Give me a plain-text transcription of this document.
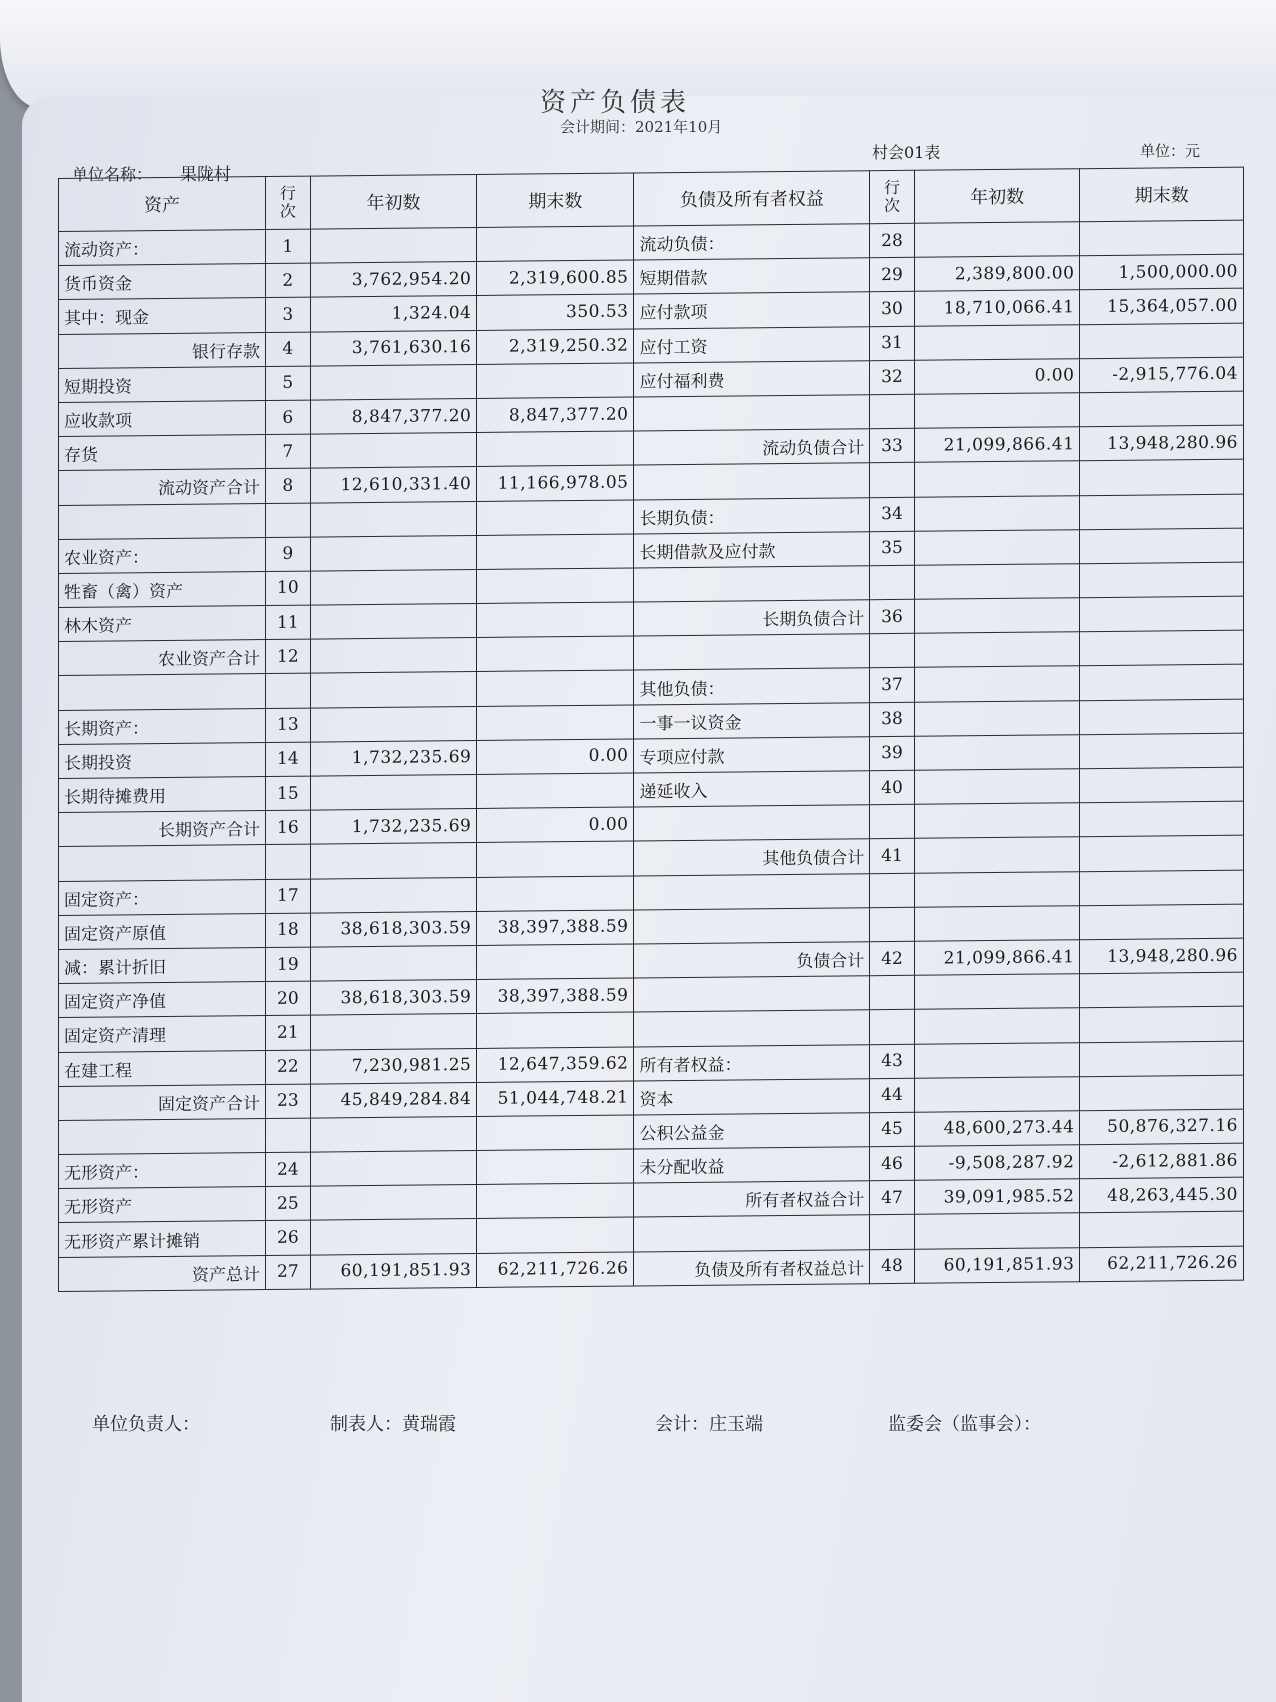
资产负债表
会计期间：2021年10月
村会01表	单位：元
单位名称： 果陇村
资产	行次	年初数	期末数	负债及所有者权益	行次	年初数	期末数
流动资产：	1			流动负债：	28		
货币资金	2	3,762,954.20	2,319,600.85	短期借款	29	2,389,800.00	1,500,000.00
其中：现金	3	1,324.04	350.53	应付款项	30	18,710,066.41	15,364,057.00
银行存款	4	3,761,630.16	2,319,250.32	应付工资	31		
短期投资	5			应付福利费	32	0.00	-2,915,776.04
应收款项	6	8,847,377.20	8,847,377.20				
存货	7			流动负债合计	33	21,099,866.41	13,948,280.96
流动资产合计	8	12,610,331.40	11,166,978.05				
				长期负债：	34		
农业资产：	9			长期借款及应付款	35		
牲畜（禽）资产	10						
林木资产	11			长期负债合计	36		
农业资产合计	12						
				其他负债：	37		
长期资产：	13			一事一议资金	38		
长期投资	14	1,732,235.69	0.00	专项应付款	39		
长期待摊费用	15			递延收入	40		
长期资产合计	16	1,732,235.69	0.00				
				其他负债合计	41		
固定资产：	17						
固定资产原值	18	38,618,303.59	38,397,388.59				
减：累计折旧	19			负债合计	42	21,099,866.41	13,948,280.96
固定资产净值	20	38,618,303.59	38,397,388.59				
固定资产清理	21						
在建工程	22	7,230,981.25	12,647,359.62	所有者权益：	43		
固定资产合计	23	45,849,284.84	51,044,748.21	资本	44		
				公积公益金	45	48,600,273.44	50,876,327.16
无形资产：	24			未分配收益	46	-9,508,287.92	-2,612,881.86
无形资产	25			所有者权益合计	47	39,091,985.52	48,263,445.30
无形资产累计摊销	26						
资产总计	27	60,191,851.93	62,211,726.26	负债及所有者权益总计	48	60,191,851.93	62,211,726.26
单位负责人：	制表人：黄瑞霞	会计：庄玉端	监委会（监事会）：
